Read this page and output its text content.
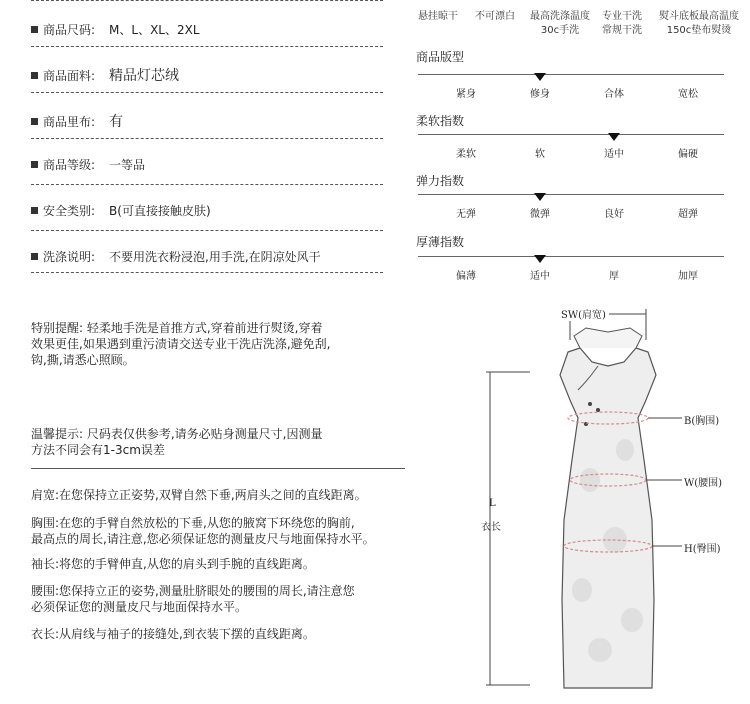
商品尺码: M、L、XL、2XL
商品面料: 精品灯芯绒
商品里布: 有
商品等级: 一等品
安全类别: B(可直接接触皮肤)
洗涤说明: 不要用洗衣粉浸泡,用手洗,在阴凉处风干
特别提醒: 轻柔地手洗是首推方式,穿着前进行熨烫,穿着
效果更佳,如果遇到重污渍请交送专业干洗店洗涤,避免刮,
钩,撕,请悉心照顾。
温馨提示: 尺码表仅供参考,请务必贴身测量尺寸,因测量
方法不同会有1-3cm误差
肩宽:在您保持立正姿势,双臂自然下垂,两肩头之间的直线距离。
胸围:在您的手臂自然放松的下垂,从您的腋窝下环绕您的胸前,
最高点的周长,请注意,您必须保证您的测量皮尺与地面保持水平。
袖长:将您的手臂伸直,从您的肩头到手腕的直线距离。
腰围:您保持立正的姿势,测量肚脐眼处的腰围的周长,请注意您
必须保证您的测量皮尺与地面保持水平。
衣长:从肩线与袖子的接缝处,到衣装下摆的直线距离。
悬挂晾干	不可漂白	最高洗涤温度
30c手洗
专业干洗
常规干洗
熨斗底板最高温度
150c垫布熨烫
商品版型
紧身	修身	合体	宽松
柔软指数
柔软	软	适中	偏硬
弹力指数
无弹	微弹	良好	超弹
厚薄指数
偏薄	适中	厚	加厚
SW(肩宽)
B(胸围)
W(腰围)
H(臀围)
L
衣长
